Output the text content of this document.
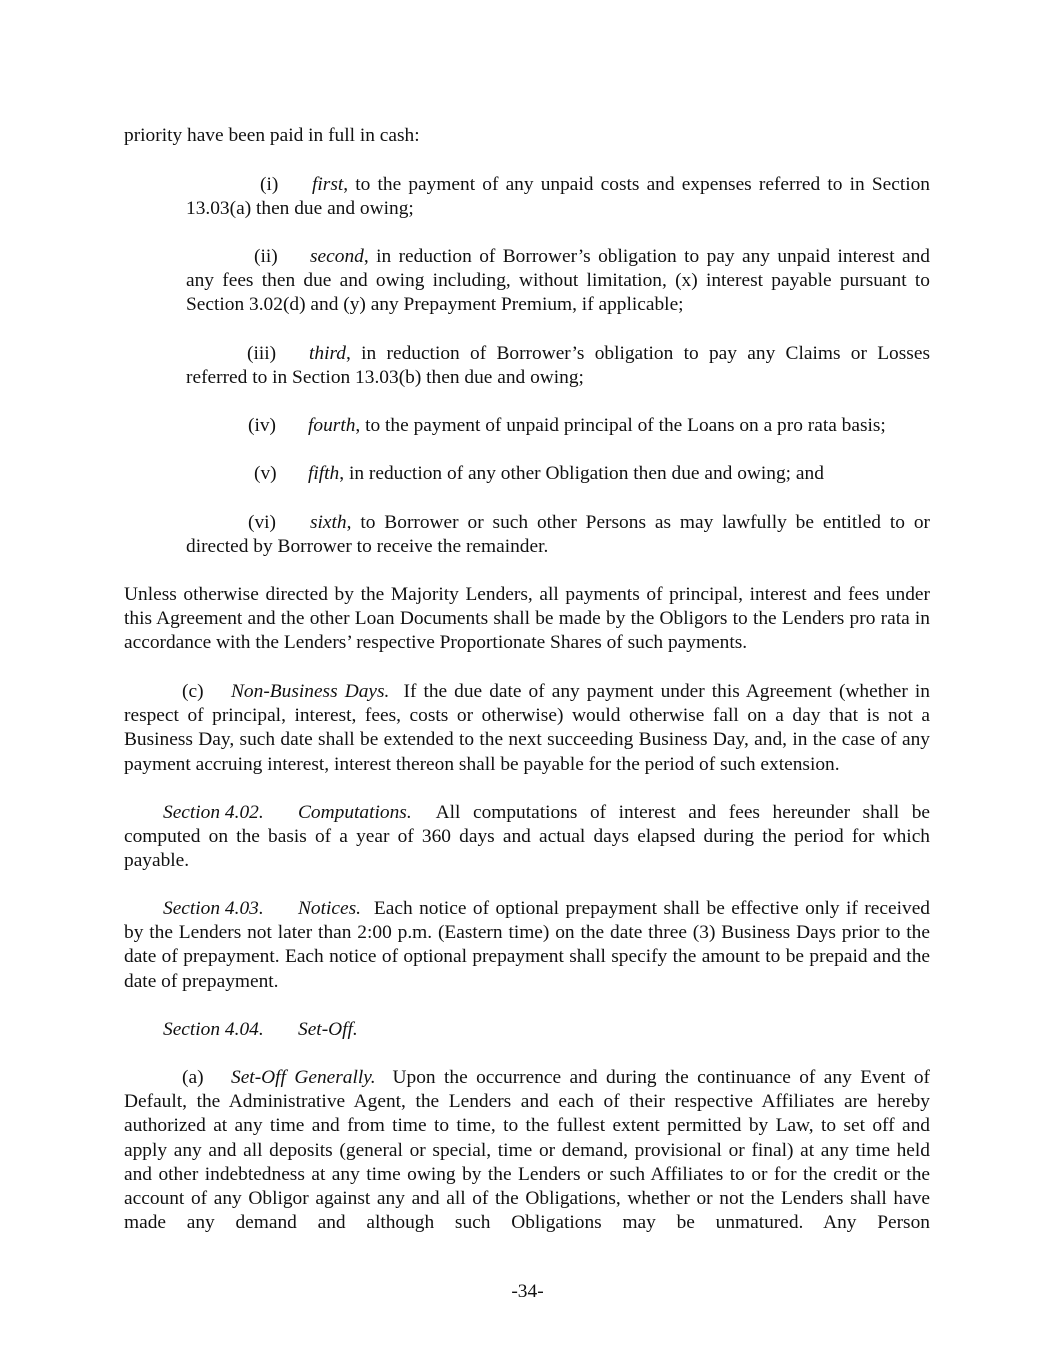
priority have been paid in full in cash:
(i) first, to the payment of any unpaid costs and expenses referred to in Section 13.03(a) then due and owing;
(ii) second, in reduction of Borrower’s obligation to pay any unpaid interest and any fees then due and owing including, without limitation, (x) interest payable pursuant to Section 3.02(d) and (y) any Prepayment Premium, if applicable;
(iii) third, in reduction of Borrower’s obligation to pay any Claims or Losses referred to in Section 13.03(b) then due and owing;
(iv) fourth, to the payment of unpaid principal of the Loans on a pro rata basis;
(v) fifth, in reduction of any other Obligation then due and owing; and
(vi) sixth, to Borrower or such other Persons as may lawfully be entitled to or directed by Borrower to receive the remainder.
Unless otherwise directed by the Majority Lenders, all payments of principal, interest and fees under this Agreement and the other Loan Documents shall be made by the Obligors to the Lenders pro rata in accordance with the Lenders’ respective Proportionate Shares of such payments.
(c) Non-Business Days. If the due date of any payment under this Agreement (whether in respect of principal, interest, fees, costs or otherwise) would otherwise fall on a day that is not a Business Day, such date shall be extended to the next succeeding Business Day, and, in the case of any payment accruing interest, interest thereon shall be payable for the period of such extension.
Section 4.02. Computations. All computations of interest and fees hereunder shall be computed on the basis of a year of 360 days and actual days elapsed during the period for which payable.
Section 4.03. Notices. Each notice of optional prepayment shall be effective only if received by the Lenders not later than 2:00 p.m. (Eastern time) on the date three (3) Business Days prior to the date of prepayment. Each notice of optional prepayment shall specify the amount to be prepaid and the date of prepayment.
Section 4.04. Set-Off.
(a) Set-Off Generally. Upon the occurrence and during the continuance of any Event of Default, the Administrative Agent, the Lenders and each of their respective Affiliates are hereby authorized at any time and from time to time, to the fullest extent permitted by Law, to set off and apply any and all deposits (general or special, time or demand, provisional or final) at any time held and other indebtedness at any time owing by the Lenders or such Affiliates to or for the credit or the account of any Obligor against any and all of the Obligations, whether or not the Lenders shall have made any demand and although such Obligations may be unmatured. Any Person
-34-
